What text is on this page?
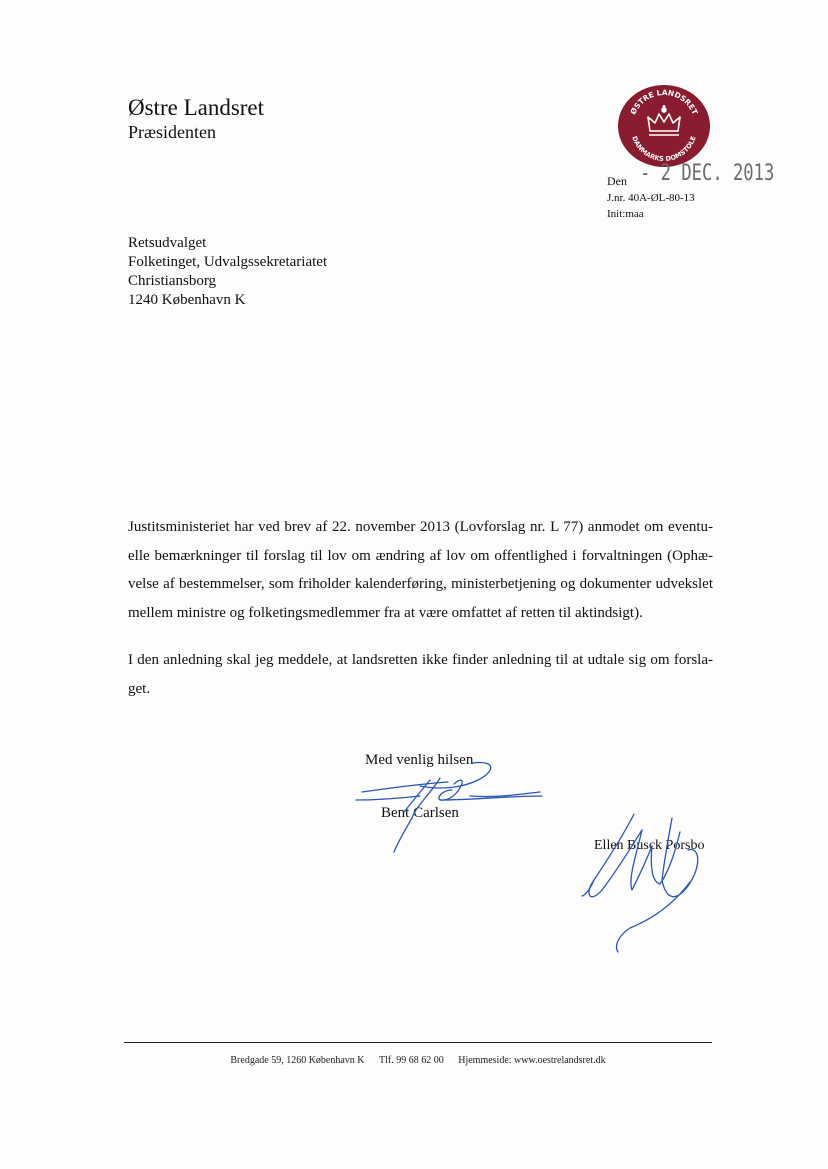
Østre Landsret
Præsidenten
ØSTRE LANDSRET
DANMARKS DOMSTOLE
Den - 2 DEC. 2013
J.nr. 40A-ØL-80-13
Init:maa
Retsudvalget
Folketinget, Udvalgssekretariatet
Christiansborg
1240 København K
Justitsministeriet har ved brev af 22. november 2013 (Lovforslag nr. L 77) anmodet om eventu-
elle bemærkninger til forslag til lov om ændring af lov om offentlighed i forvaltningen (Ophæ-
velse af bestemmelser, som friholder kalenderføring, ministerbetjening og dokumenter udvekslet
mellem ministre og folketingsmedlemmer fra at være omfattet af retten til aktindsigt).
I den anledning skal jeg meddele, at landsretten ikke finder anledning til at udtale sig om forsla-
get.
Med venlig hilsen
Bent Carlsen
Ellen Busck Porsbo
Bredgade 59, 1260 København K Tlf. 99 68 62 00 Hjemmeside: www.oestrelandsret.dk
